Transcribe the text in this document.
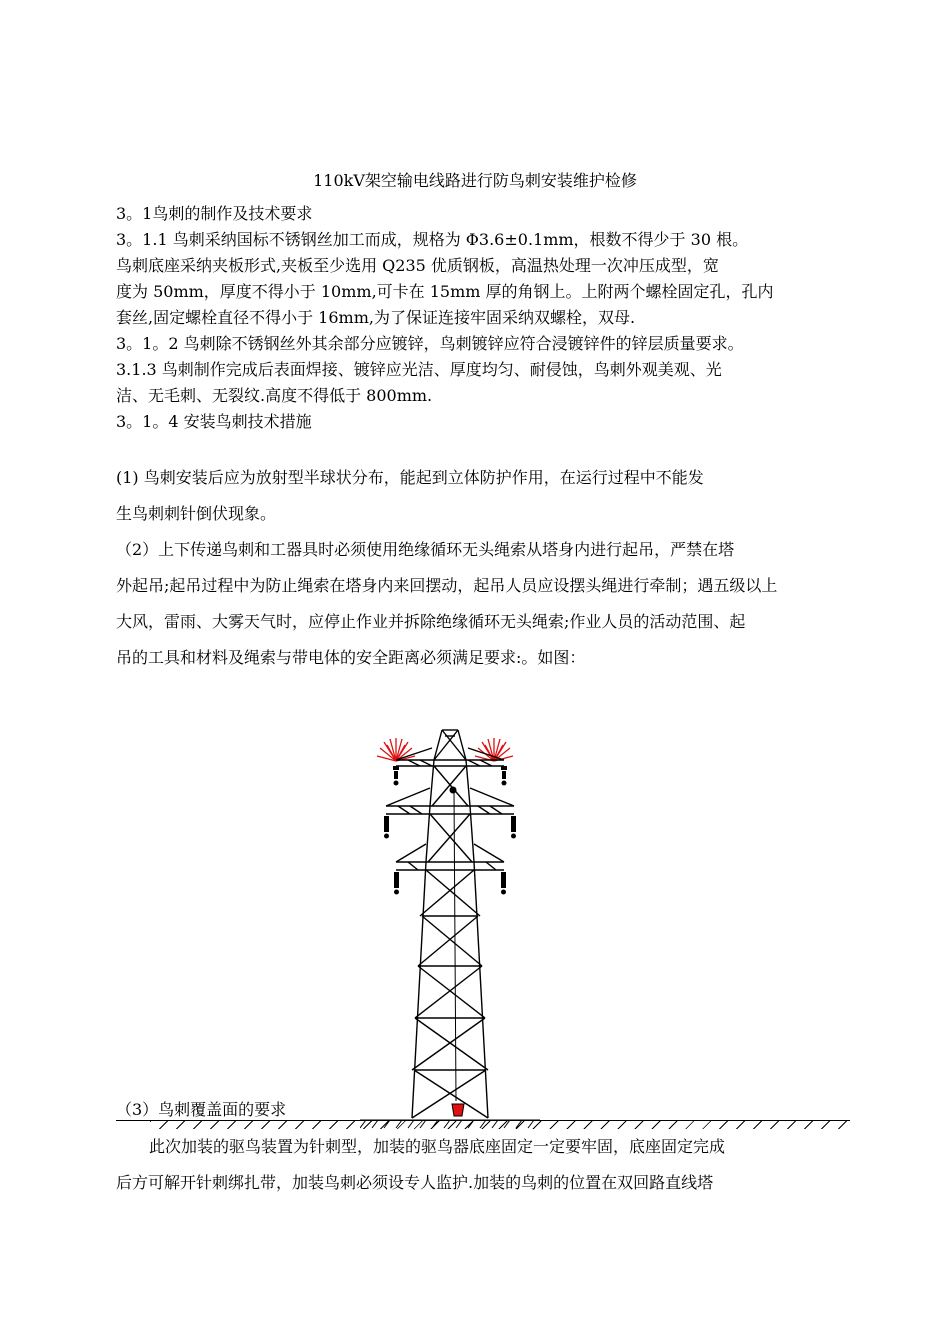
110kV架空输电线路进行防鸟刺安装维护检修
3。1鸟刺的制作及技术要求
3。1.1 鸟刺采纳国标不锈钢丝加工而成，规格为 Φ3.6±0.1mm，根数不得少于 30 根。
鸟刺底座采纳夹板形式,夹板至少选用 Q235 优质钢板，高温热处理一次冲压成型，宽
度为 50mm，厚度不得小于 10mm,可卡在 15mm 厚的角钢上。上附两个螺栓固定孔，孔内
套丝,固定螺栓直径不得小于 16mm,为了保证连接牢固采纳双螺栓，双母.
3。1。2 鸟刺除不锈钢丝外其余部分应镀锌，鸟刺镀锌应符合浸镀锌件的锌层质量要求。
3.1.3 鸟刺制作完成后表面焊接、镀锌应光洁、厚度均匀、耐侵蚀，鸟刺外观美观、光
洁、无毛刺、无裂纹.高度不得低于 800mm.
3。1。4 安装鸟刺技术措施
(1) 鸟刺安装后应为放射型半球状分布，能起到立体防护作用，在运行过程中不能发
生鸟刺刺针倒伏现象。
（2）上下传递鸟刺和工器具时必须使用绝缘循环无头绳索从塔身内进行起吊，严禁在塔
外起吊;起吊过程中为防止绳索在塔身内来回摆动，起吊人员应设摆头绳进行牵制；遇五级以上
大风，雷雨、大雾天气时，应停止作业并拆除绝缘循环无头绳索;作业人员的活动范围、起
吊的工具和材料及绳索与带电体的安全距离必须满足要求:。如图：
（3）鸟刺覆盖面的要求
此次加装的驱鸟装置为针刺型，加装的驱鸟器底座固定一定要牢固，底座固定完成
后方可解开针刺绑扎带，加装鸟刺必须设专人监护.加装的鸟刺的位置在双回路直线塔
